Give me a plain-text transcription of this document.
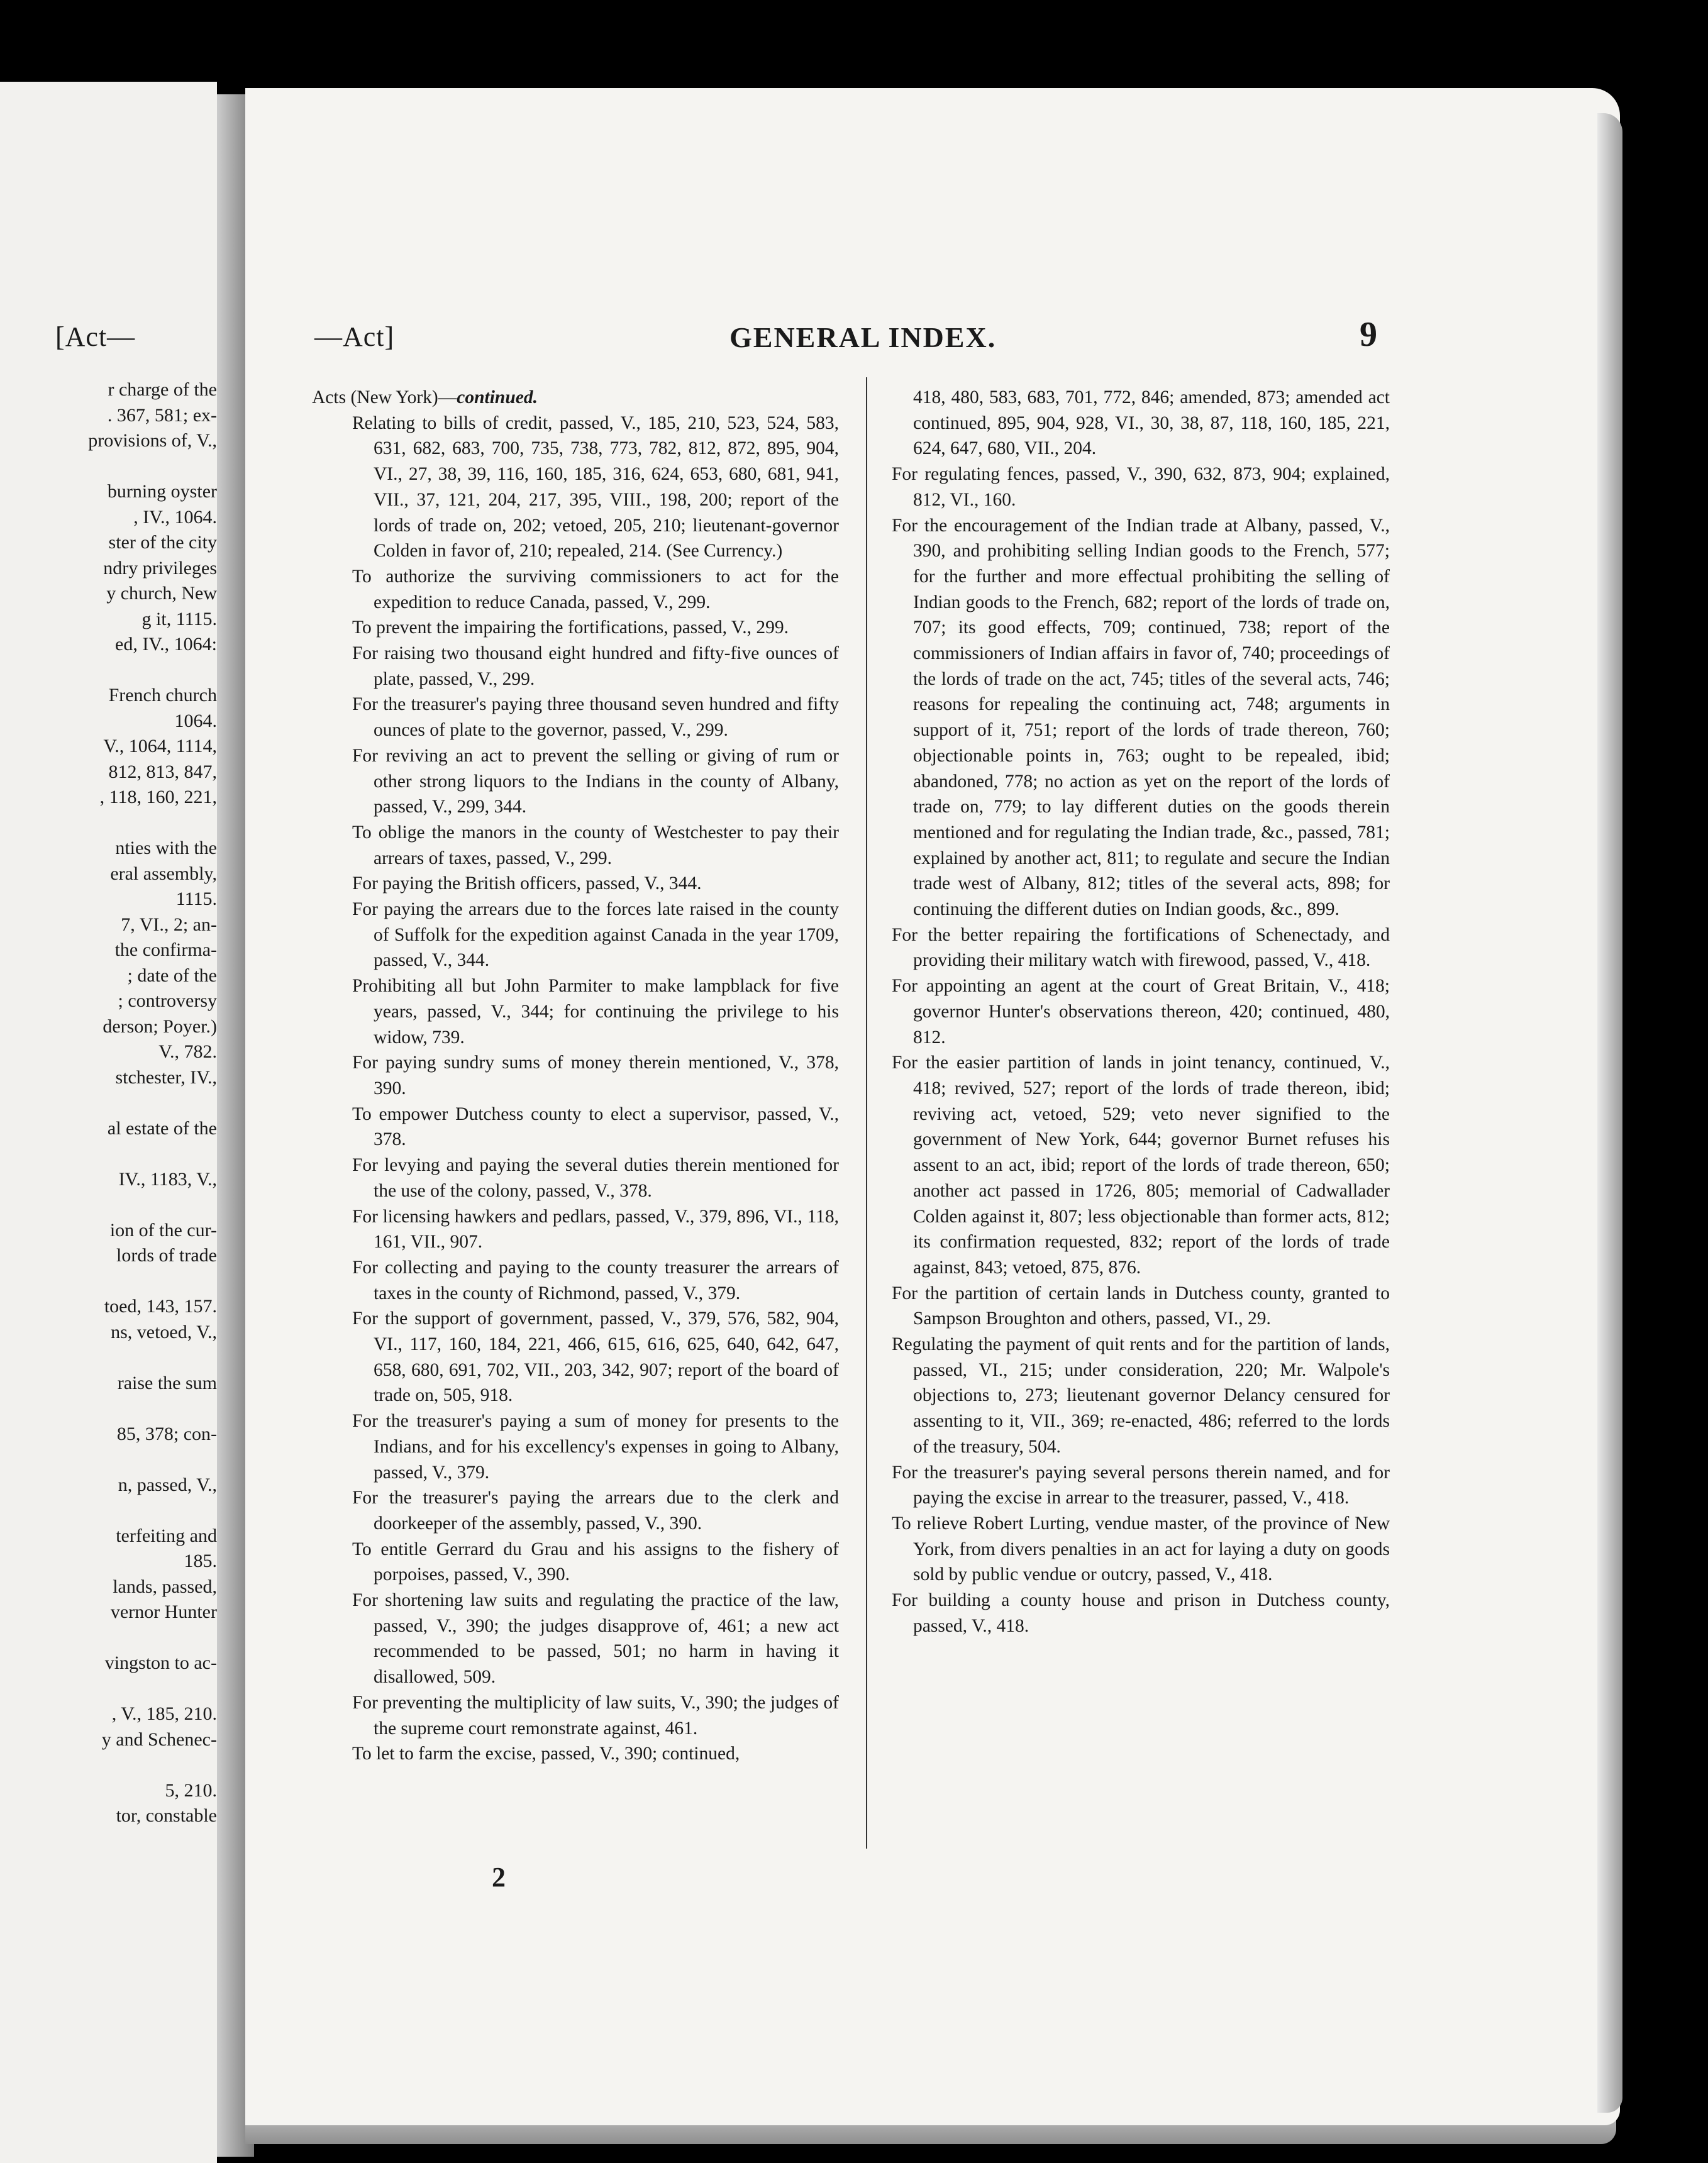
[Act—
r charge of the
. 367, 581; ex-
provisions of, V.,

burning oyster
, IV., 1064.
ster of the city
ndry privileges
y church, New
g it, 1115.
ed, IV., 1064:

French church
1064.
V., 1064, 1114,
812, 813, 847,
, 118, 160, 221,

nties with the
eral assembly,
1115.
7, VI., 2; an-
the confirma-
; date of the
; controversy
derson; Poyer.)
V., 782.
stchester, IV.,

al estate of the

IV., 1183, V.,

ion of the cur-
lords of trade

toed, 143, 157.
ns, vetoed, V.,

raise the sum

85, 378; con-

n, passed, V.,

terfeiting and
185.
lands, passed,
vernor Hunter

vingston to ac-

, V., 185, 210.
y and Schenec-

5, 210.
tor, constable
—Act]	GENERAL INDEX.	9

Acts (New York)—continued.

Relating to bills of credit, passed, V., 185, 210, 523, 524, 583, 631, 682, 683, 700, 735, 738, 773, 782, 812, 872, 895, 904, VI., 27, 38, 39, 116, 160, 185, 316, 624, 653, 680, 681, 941, VII., 37, 121, 204, 217, 395, VIII., 198, 200; report of the lords of trade on, 202; vetoed, 205, 210; lieutenant-governor Colden in favor of, 210; repealed, 214. (See Currency.)

To authorize the surviving commissioners to act for the expedition to reduce Canada, passed, V., 299.

To prevent the impairing the fortifications, passed, V., 299.

For raising two thousand eight hundred and fifty-five ounces of plate, passed, V., 299.

For the treasurer's paying three thousand seven hundred and fifty ounces of plate to the governor, passed, V., 299.

For reviving an act to prevent the selling or giving of rum or other strong liquors to the Indians in the county of Albany, passed, V., 299, 344.

To oblige the manors in the county of Westchester to pay their arrears of taxes, passed, V., 299.

For paying the British officers, passed, V., 344.

For paying the arrears due to the forces late raised in the county of Suffolk for the expedition against Canada in the year 1709, passed, V., 344.

Prohibiting all but John Parmiter to make lampblack for five years, passed, V., 344; for continuing the privilege to his widow, 739.

For paying sundry sums of money therein mentioned, V., 378, 390.

To empower Dutchess county to elect a supervisor, passed, V., 378.

For levying and paying the several duties therein mentioned for the use of the colony, passed, V., 378.

For licensing hawkers and pedlars, passed, V., 379, 896, VI., 118, 161, VII., 907.

For collecting and paying to the county treasurer the arrears of taxes in the county of Richmond, passed, V., 379.

For the support of government, passed, V., 379, 576, 582, 904, VI., 117, 160, 184, 221, 466, 615, 616, 625, 640, 642, 647, 658, 680, 691, 702, VII., 203, 342, 907; report of the board of trade on, 505, 918.

For the treasurer's paying a sum of money for presents to the Indians, and for his excellency's expenses in going to Albany, passed, V., 379.

For the treasurer's paying the arrears due to the clerk and doorkeeper of the assembly, passed, V., 390.

To entitle Gerrard du Grau and his assigns to the fishery of porpoises, passed, V., 390.

For shortening law suits and regulating the practice of the law, passed, V., 390; the judges disapprove of, 461; a new act recommended to be passed, 501; no harm in having it disallowed, 509.

For preventing the multiplicity of law suits, V., 390; the judges of the supreme court remonstrate against, 461.

To let to farm the excise, passed, V., 390; continued,

418, 480, 583, 683, 701, 772, 846; amended, 873; amended act continued, 895, 904, 928, VI., 30, 38, 87, 118, 160, 185, 221, 624, 647, 680, VII., 204.

For regulating fences, passed, V., 390, 632, 873, 904; explained, 812, VI., 160.

For the encouragement of the Indian trade at Albany, passed, V., 390, and prohibiting selling Indian goods to the French, 577; for the further and more effectual prohibiting the selling of Indian goods to the French, 682; report of the lords of trade on, 707; its good effects, 709; continued, 738; report of the commissioners of Indian affairs in favor of, 740; proceedings of the lords of trade on the act, 745; titles of the several acts, 746; reasons for repealing the continuing act, 748; arguments in support of it, 751; report of the lords of trade thereon, 760; objectionable points in, 763; ought to be repealed, ibid; abandoned, 778; no action as yet on the report of the lords of trade on, 779; to lay different duties on the goods therein mentioned and for regulating the Indian trade, &c., passed, 781; explained by another act, 811; to regulate and secure the Indian trade west of Albany, 812; titles of the several acts, 898; for continuing the different duties on Indian goods, &c., 899.

For the better repairing the fortifications of Schenectady, and providing their military watch with firewood, passed, V., 418.

For appointing an agent at the court of Great Britain, V., 418; governor Hunter's observations thereon, 420; continued, 480, 812.

For the easier partition of lands in joint tenancy, continued, V., 418; revived, 527; report of the lords of trade thereon, ibid; reviving act, vetoed, 529; veto never signified to the government of New York, 644; governor Burnet refuses his assent to an act, ibid; report of the lords of trade thereon, 650; another act passed in 1726, 805; memorial of Cadwallader Colden against it, 807; less objectionable than former acts, 812; its confirmation requested, 832; report of the lords of trade against, 843; vetoed, 875, 876.

For the partition of certain lands in Dutchess county, granted to Sampson Broughton and others, passed, VI., 29.

Regulating the payment of quit rents and for the partition of lands, passed, VI., 215; under consideration, 220; Mr. Walpole's objections to, 273; lieutenant governor Delancy censured for assenting to it, VII., 369; re-enacted, 486; referred to the lords of the treasury, 504.

For the treasurer's paying several persons therein named, and for paying the excise in arrear to the treasurer, passed, V., 418.

To relieve Robert Lurting, vendue master, of the province of New York, from divers penalties in an act for laying a duty on goods sold by public vendue or outcry, passed, V., 418.

For building a county house and prison in Dutchess county, passed, V., 418.

2
